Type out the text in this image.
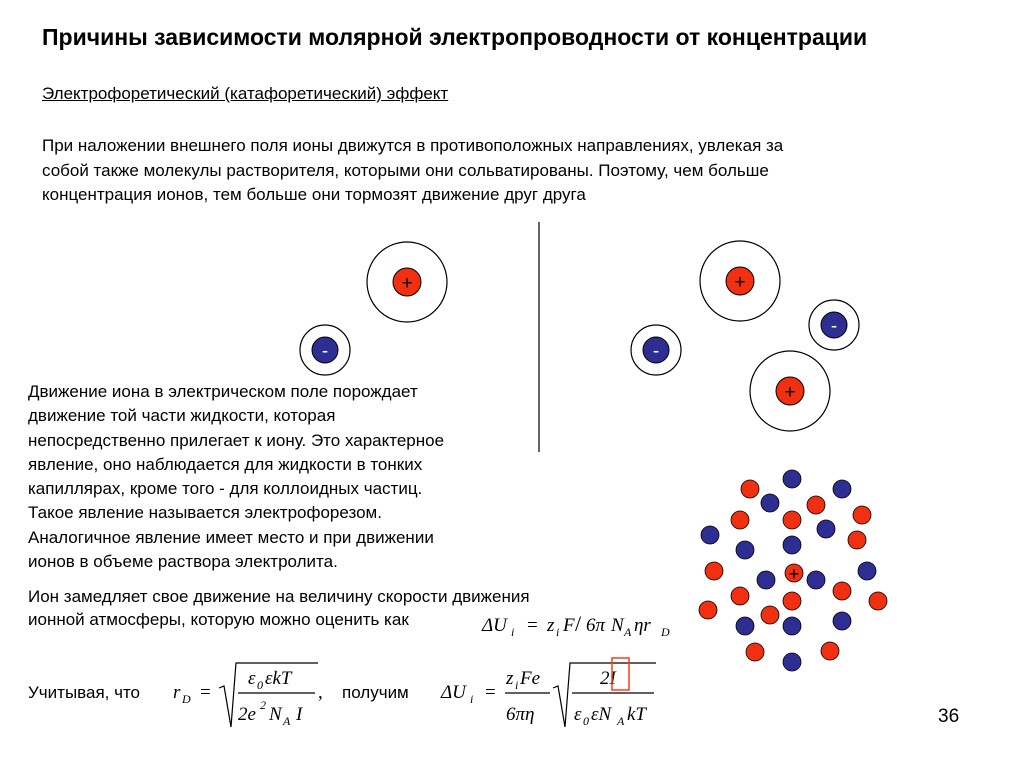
Причины зависимости молярной электропроводности от концентрации
Электрофоретический (катафоретический) эффект
При наложении внешнего поля ионы движутся в противоположных направлениях, увлекая за
собой также молекулы растворителя, которыми они сольватированы. Поэтому, чем больше
концентрация ионов, тем больше они тормозят движение друг друга
Движение иона в электрическом поле порождает
движение той части жидкости, которая
непосредственно прилегает к иону. Это характерное
явление, оно наблюдается для жидкости в тонких
капиллярах, кроме того - для коллоидных частиц.
Такое явление называется электрофорезом.
Аналогичное явление имеет место и при движении
ионов в объеме раствора электролита.
Ион замедляет свое движение на величину скорости движения
ионной атмосферы, которую можно оценить как
Учитывая, что	получим
36
+
-
+
-
-
+
+
ΔU i = z i F / 6π N A ηr D
r D =
ε 0 εkT
2e 2 N A I
,	ΔU i =
z i Fe
6πη
2I
ε 0 εN A kT
